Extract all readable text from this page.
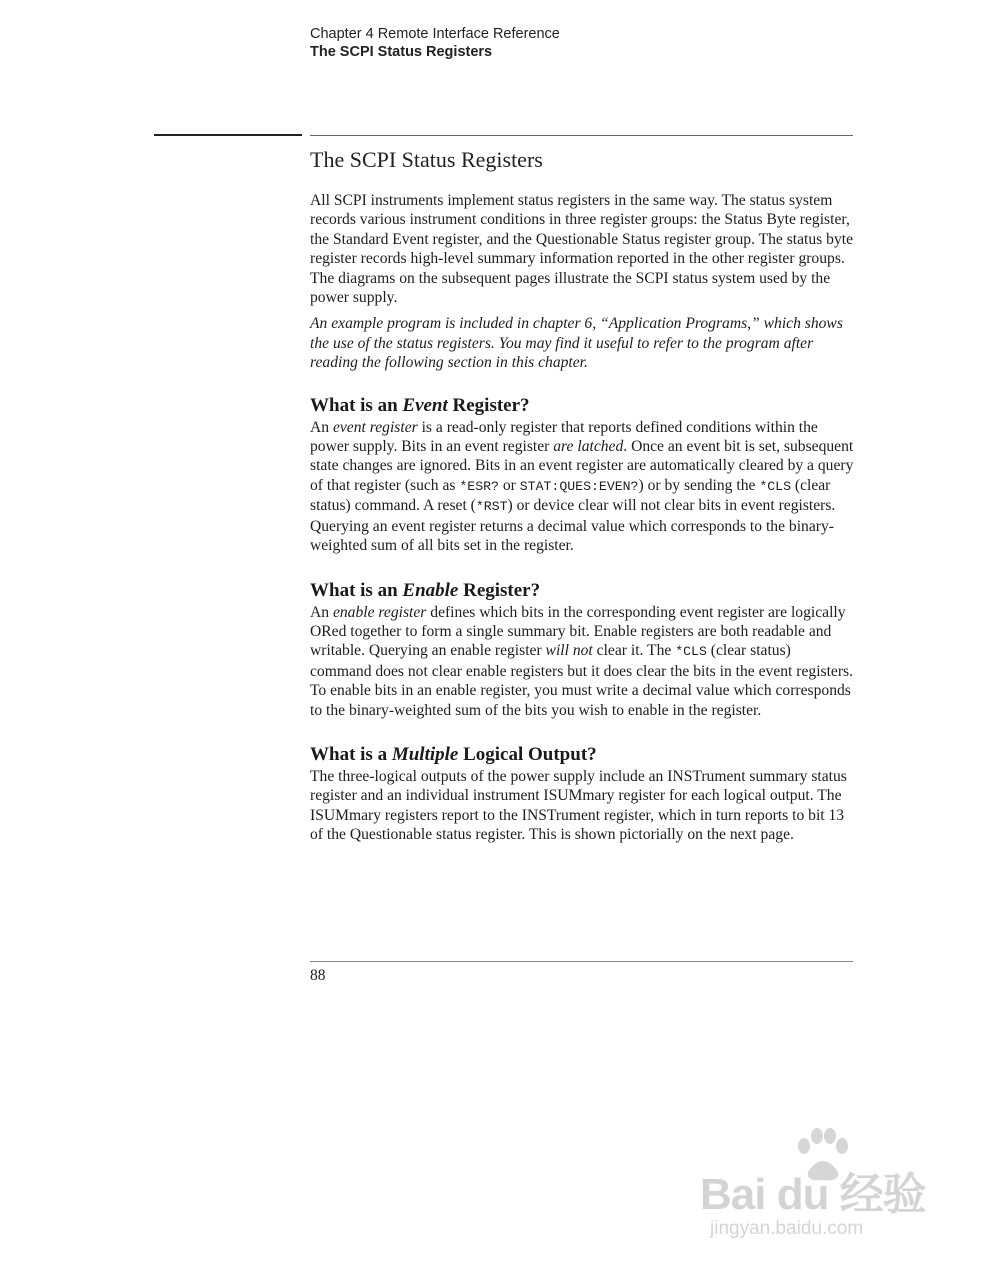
Chapter 4 Remote Interface Reference
The SCPI Status Registers
The SCPI Status Registers

All SCPI instruments implement status registers in the same way. The status system records various instrument conditions in three register groups: the Status Byte register, the Standard Event register, and the Questionable Status register group. The status byte register records high-level summary information reported in the other register groups. The diagrams on the subsequent pages illustrate the SCPI status system used by the power supply.

An example program is included in chapter 6, “Application Programs,” which shows the use of the status registers. You may find it useful to refer to the program after reading the following section in this chapter.

What is an Event Register?

An event register is a read-only register that reports defined conditions within the power supply. Bits in an event register are latched. Once an event bit is set, subsequent state changes are ignored. Bits in an event register are automatically cleared by a query of that register (such as *ESR? or STAT:QUES:EVEN?) or by sending the *CLS (clear status) command. A reset (*RST) or device clear will not clear bits in event registers. Querying an event register returns a decimal value which corresponds to the binary-weighted sum of all bits set in the register.

What is an Enable Register?

An enable register defines which bits in the corresponding event register are logically ORed together to form a single summary bit. Enable registers are both readable and writable. Querying an enable register will not clear it. The *CLS (clear status) command does not clear enable registers but it does clear the bits in the event registers. To enable bits in an enable register, you must write a decimal value which corresponds to the binary-weighted sum of the bits you wish to enable in the register.

What is a Multiple Logical Output?

The three-logical outputs of the power supply include an INSTrument summary status register and an individual instrument ISUMmary register for each logical output. The ISUMmary registers report to the INSTrument register, which in turn reports to bit 13 of the Questionable status register. This is shown pictorially on the next page.

88
Bai du 经验
jingyan.baidu.com
